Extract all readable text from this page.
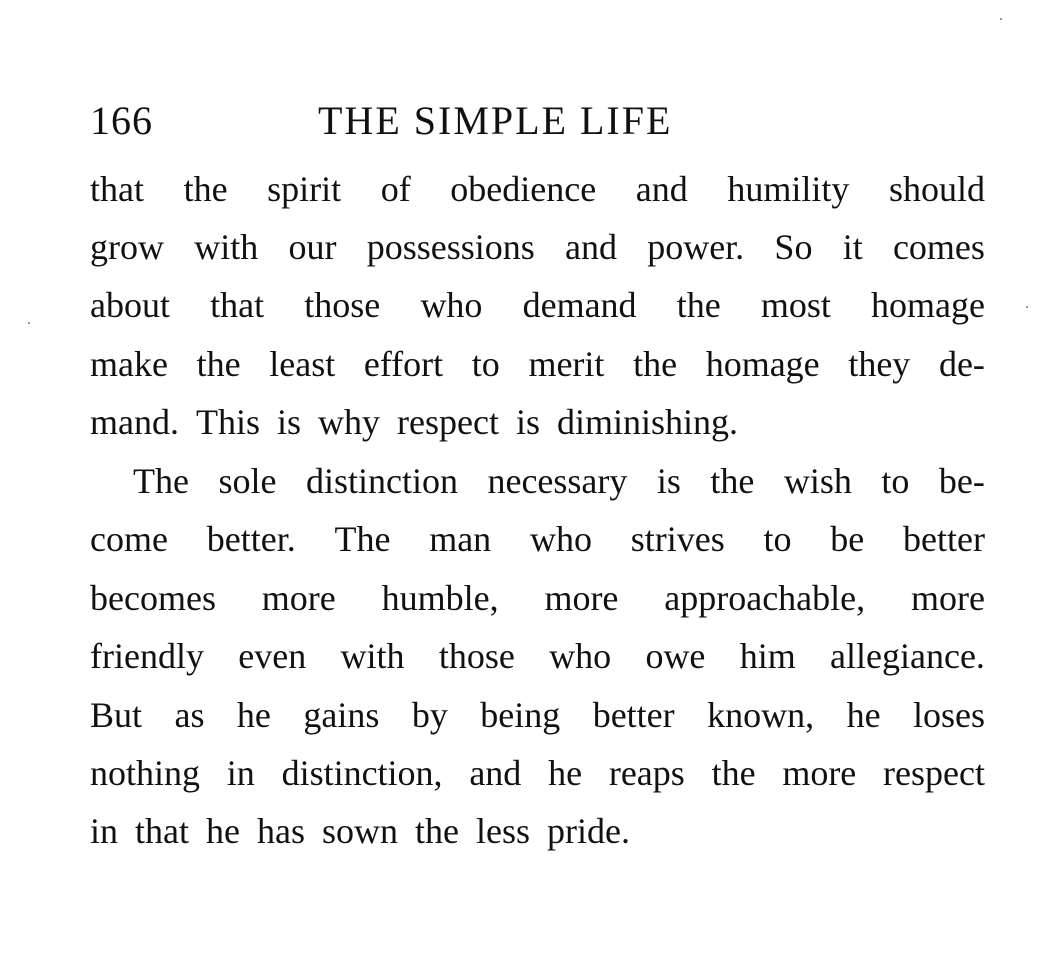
166	THE SIMPLE LIFE
that the spirit of obedience and humility should
grow with our possessions and power. So it comes
about that those who demand the most homage
make the least effort to merit the homage they de-
mand. This is why respect is diminishing.
The sole distinction necessary is the wish to be-
come better. The man who strives to be better
becomes more humble, more approachable, more
friendly even with those who owe him allegiance.
But as he gains by being better known, he loses
nothing in distinction, and he reaps the more respect
in that he has sown the less pride.
